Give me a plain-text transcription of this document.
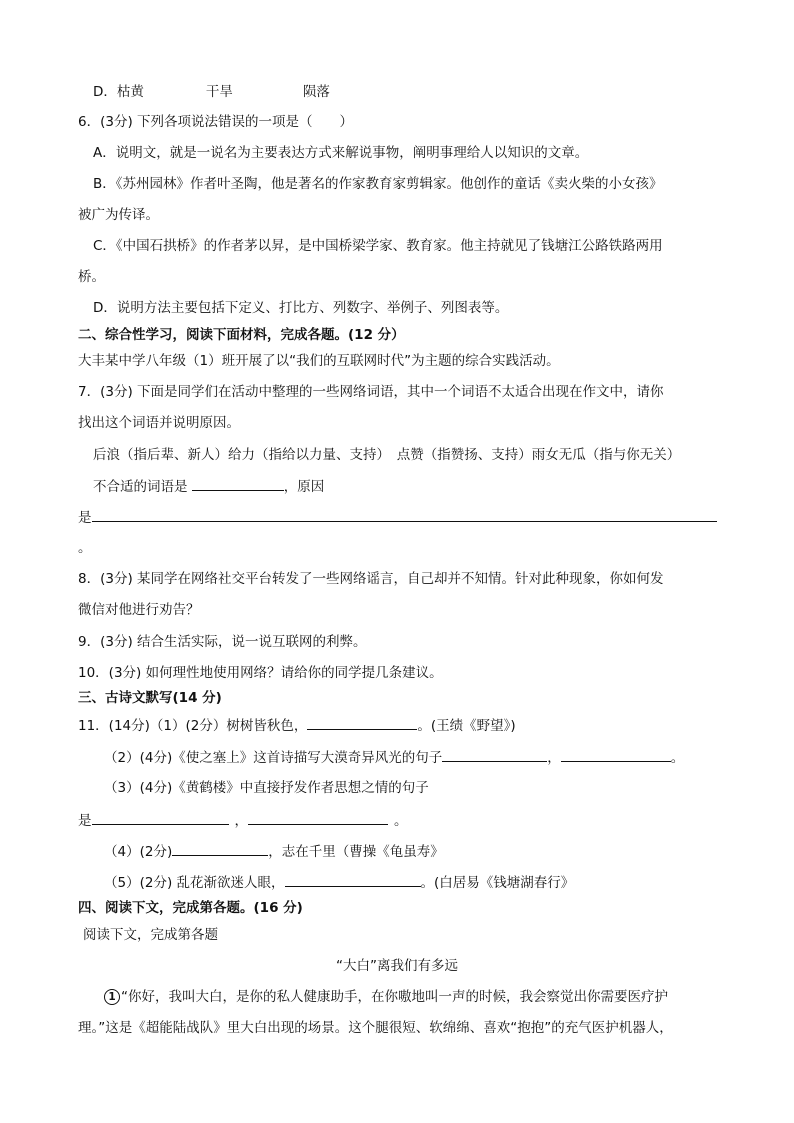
D．枯黄	干旱	陨落
6．(3分) 下列各项说法错误的一项是（　　）
A．说明文，就是一说名为主要表达方式来解说事物，阐明事理给人以知识的文章。
B．《苏州园林》作者叶圣陶，他是著名的作家教育家剪辑家。他创作的童话《卖火柴的小女孩》
被广为传译。
C．《中国石拱桥》的作者茅以昇，是中国桥梁学家、教育家。他主持就见了钱塘江公路铁路两用
桥。
D．说明方法主要包括下定义、打比方、列数字、举例子、列图表等。
二、综合性学习，阅读下面材料，完成各题。(12 分）
大丰某中学八年级（1）班开展了以“我们的互联网时代”为主题的综合实践活动。
7．(3分) 下面是同学们在活动中整理的一些网络词语，其中一个词语不太适合出现在作文中，请你
找出这个词语并说明原因。
后浪（指后辈、新人）给力（指给以力量、支持）　点赞（指赞扬、支持）雨女无瓜（指与你无关）
不合适的词语是	，原因
是
。
8．(3分) 某同学在网络社交平台转发了一些网络谣言，自己却并不知情。针对此种现象，你如何发
微信对他进行劝告？
9．(3分) 结合生活实际，说一说互联网的利弊。
10．(3分) 如何理性地使用网络？请给你的同学提几条建议。
三、古诗文默写(14 分)
11．(14分)（1）(2分）树树皆秋色，	。(王绩《野望》)
（2）(4分)《使之塞上》这首诗描写大漠奇异风光的句子	，	。
（3）(4分)《黄鹤楼》中直接抒发作者思想之情的句子
是	，	。
（4）(2分)	，志在千里（曹操《龟虽寿》
（5）(2分) 乱花渐欲迷人眼，	。(白居易《钱塘湖春行》
四、阅读下文，完成第各题。(16 分)
阅读下文，完成第各题
“大白”离我们有多远
1 “你好，我叫大白，是你的私人健康助手，在你嗷地叫一声的时候，我会察觉出你需要医疗护
理。”这是《超能陆战队》里大白出现的场景。这个腿很短、软绵绵、喜欢“抱抱”的充气医护机器人，
